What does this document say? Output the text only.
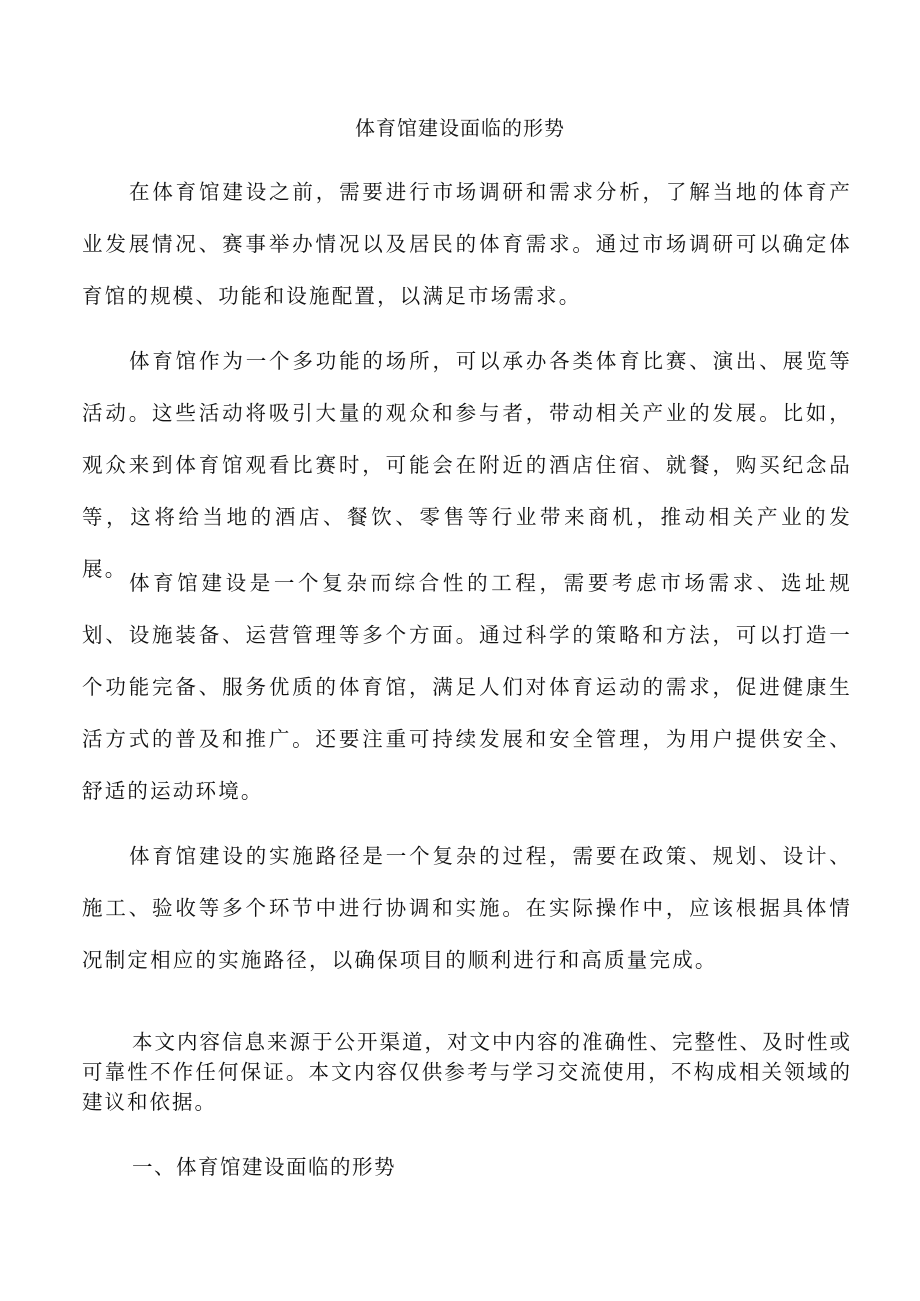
体育馆建设面临的形势

在体育馆建设之前，需要进行市场调研和需求分析，了解当地的体育产业发展情况、赛事举办情况以及居民的体育需求。通过市场调研可以确定体育馆的规模、功能和设施配置，以满足市场需求。

体育馆作为一个多功能的场所，可以承办各类体育比赛、演出、展览等活动。这些活动将吸引大量的观众和参与者，带动相关产业的发展。比如，观众来到体育馆观看比赛时，可能会在附近的酒店住宿、就餐，购买纪念品等，这将给当地的酒店、餐饮、零售等行业带来商机，推动相关产业的发展。

体育馆建设是一个复杂而综合性的工程，需要考虑市场需求、选址规划、设施装备、运营管理等多个方面。通过科学的策略和方法，可以打造一个功能完备、服务优质的体育馆，满足人们对体育运动的需求，促进健康生活方式的普及和推广。还要注重可持续发展和安全管理，为用户提供安全、舒适的运动环境。

体育馆建设的实施路径是一个复杂的过程，需要在政策、规划、设计、施工、验收等多个环节中进行协调和实施。在实际操作中，应该根据具体情况制定相应的实施路径，以确保项目的顺利进行和高质量完成。

本文内容信息来源于公开渠道，对文中内容的准确性、完整性、及时性或可靠性不作任何保证。本文内容仅供参考与学习交流使用，不构成相关领域的建议和依据。

一、体育馆建设面临的形势
